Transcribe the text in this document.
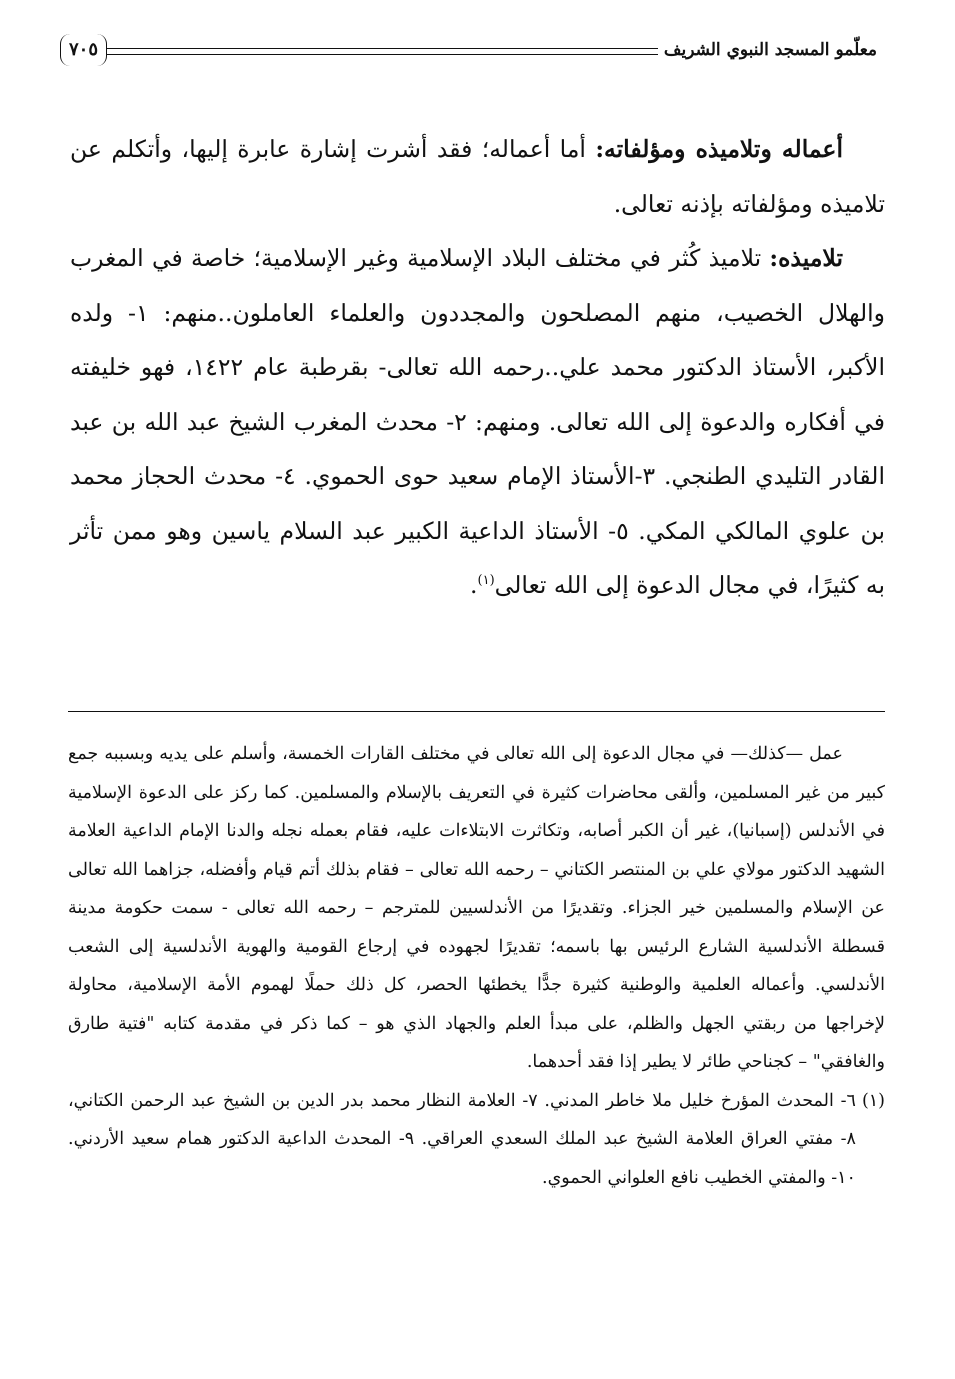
معلّمو المسجد النبوي الشريف
٧٠٥

أعماله وتلاميذه ومؤلفاته: أما أعماله؛ فقد أشرت إشارة عابرة إليها، وأتكلم عن تلاميذه ومؤلفاته بإذنه تعالى.

تلاميذه: تلاميذ كُثر في مختلف البلاد الإسلامية وغير الإسلامية؛ خاصة في المغرب والهلال الخصيب، منهم المصلحون والمجددون والعلماء العاملون..منهم: ١- ولده الأكبر، الأستاذ الدكتور محمد علي..رحمه الله تعالى- بقرطبة عام ١٤٢٢، فهو خليفته في أفكاره والدعوة إلى الله تعالى. ومنهم: ٢- محدث المغرب الشيخ عبد الله بن عبد القادر التليدي الطنجي. ٣-الأستاذ الإمام سعيد حوى الحموي. ٤- محدث الحجاز محمد بن علوي المالكي المكي. ٥- الأستاذ الداعية الكبير عبد السلام ياسين وهو ممن تأثر به كثيرًا، في مجال الدعوة إلى الله تعالى$^{(١)}$.

عمل —كذلك— في مجال الدعوة إلى الله تعالى في مختلف القارات الخمسة، وأسلم على يديه وبسببه جمع كبير من غير المسلمين، وألقى محاضرات كثيرة في التعريف بالإسلام والمسلمين. كما ركز على الدعوة الإسلامية في الأندلس (إسبانيا)، غير أن الكبر أصابه، وتكاثرت الابتلاءات عليه، فقام بعمله نجله والدنا الإمام الداعية العلامة الشهيد الدكتور مولاي علي بن المنتصر الكتاني – رحمه الله تعالى – فقام بذلك أتم قيام وأفضله، جزاهما الله تعالى عن الإسلام والمسلمين خير الجزاء. وتقديرًا من الأندلسيين للمترجم – رحمه الله تعالى - سمت حكومة مدينة قسطلة الأندلسية الشارع الرئيس بها باسمه؛ تقديرًا لجهوده في إرجاع القومية والهوية الأندلسية إلى الشعب الأندلسي. وأعماله العلمية والوطنية كثيرة جدًّا يخطئها الحصر، كل ذلك حملًا لهموم الأمة الإسلامية، محاولة لإخراجها من ربقتي الجهل والظلم، على مبدأ العلم والجهاد الذي هو – كما ذكر في مقدمة كتابه "فتية طارق والغافقي" – كجناحي طائر لا يطير إذا فقد أحدهما.

(١)
٦- المحدث المؤرخ خليل ملا خاطر المدني. ٧- العلامة النظار محمد بدر الدين بن الشيخ عبد الرحمن الكتاني، ٨- مفتي العراق العلامة الشيخ عبد الملك السعدي العراقي. ٩- المحدث الداعية الدكتور همام سعيد الأردني. ١٠- والمفتي الخطيب نافع العلواني الحموي.
